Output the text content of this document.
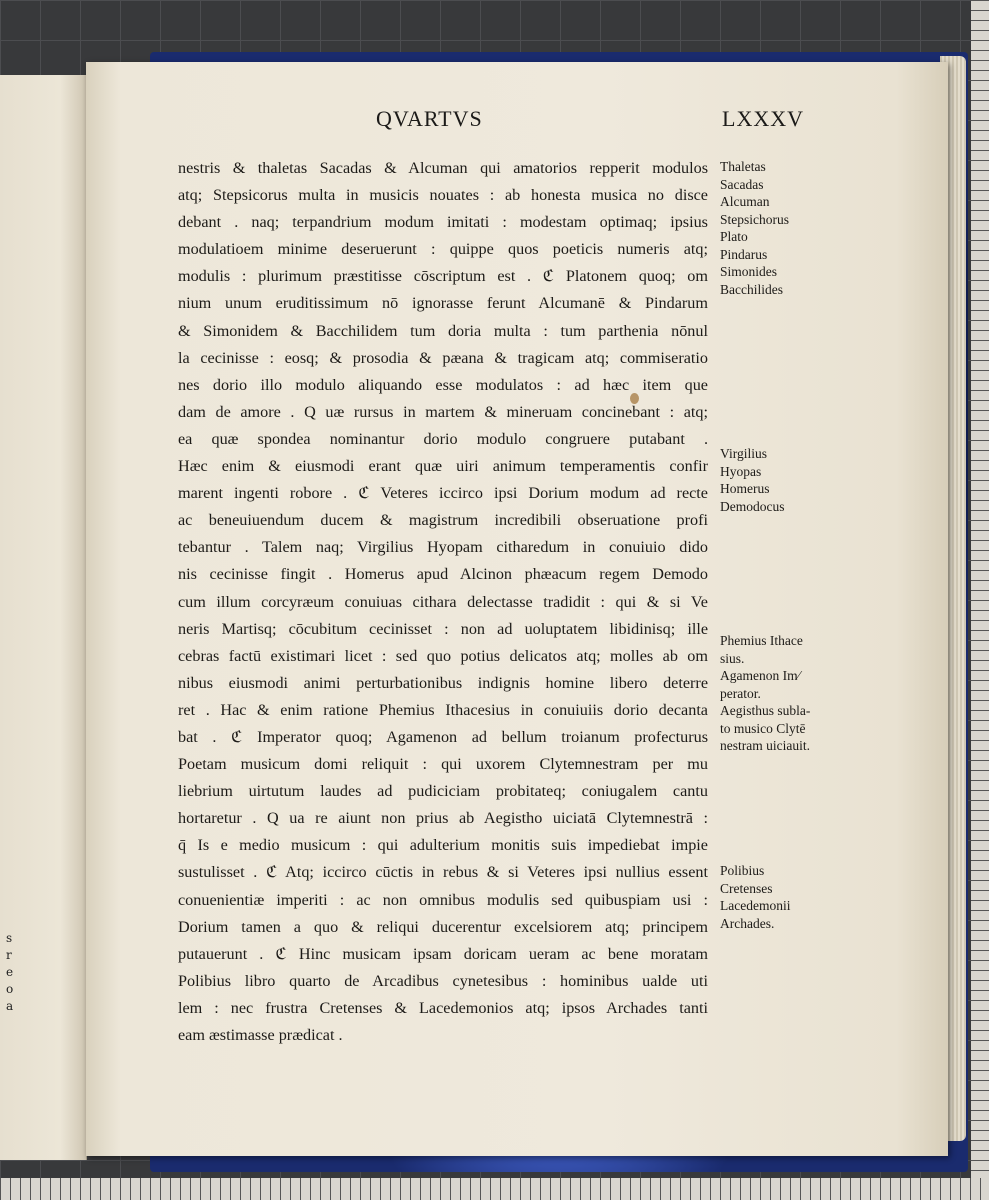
s
r
e
o
a
QVARTVS	LXXXV
nestris & thaletas Sacadas & Alcuman qui amatorios repperit modulos
atq; Stepsicorus multa in musicis nouates : ab honesta musica no disce
debant . naq; terpandrium modum imitati : modestam optimaq; ipsius
modulatioem minime deseruerunt : quippe quos poeticis numeris atq;
modulis : plurimum præstitisse cōscriptum est . ℭ Platonem quoq; om
nium unum eruditissimum nō ignorasse ferunt Alcumanē & Pindarum
& Simonidem & Bacchilidem tum doria multa : tum parthenia nōnul
la cecinisse : eosq; & prosodia & pæana & tragicam atq; commiseratio
nes dorio illo modulo aliquando esse modulatos : ad hæc item que
dam de amore . Q uæ rursus in martem & mineruam concinebant : atq;
ea quæ spondea nominantur dorio modulo congruere putabant .
Hæc enim & eiusmodi erant quæ uiri animum temperamentis confir
marent ingenti robore . ℭ Veteres iccirco ipsi Dorium modum ad recte
ac beneuiuendum ducem & magistrum incredibili obseruatione profi
tebantur . Talem naq; Virgilius Hyopam citharedum in conuiuio dido
nis cecinisse fingit . Homerus apud Alcinon phæacum regem Demodo
cum illum corcyræum conuiuas cithara delectasse tradidit : qui & si Ve
neris Martisq; cōcubitum cecinisset : non ad uoluptatem libidinisq; ille
cebras factū existimari licet : sed quo potius delicatos atq; molles ab om
nibus eiusmodi animi perturbationibus indignis homine libero deterre
ret . Hac & enim ratione Phemius Ithacesius in conuiuiis dorio decanta
bat . ℭ Imperator quoq; Agamenon ad bellum troianum profecturus
Poetam musicum domi reliquit : qui uxorem Clytemnestram per mu
liebrium uirtutum laudes ad pudiciciam probitateq; coniugalem cantu
hortaretur . Q ua re aiunt non prius ab Aegistho uiciatā Clytemnestrā :
q̄ Is e medio musicum : qui adulterium monitis suis impediebat impie
sustulisset . ℭ Atq; iccirco cūctis in rebus & si Veteres ipsi nullius essent
conuenientiæ imperiti : ac non omnibus modulis sed quibuspiam usi :
Dorium tamen a quo & reliqui ducerentur excelsiorem atq; principem
putauerunt . ℭ Hinc musicam ipsam doricam ueram ac bene moratam
Polibius libro quarto de Arcadibus cynetesibus : hominibus ualde uti
lem : nec frustra Cretenses & Lacedemonios atq; ipsos Archades tanti
eam æstimasse prædicat .
Thaletas
Sacadas
Alcuman
Stepsichorus
Plato
Pindarus
Simonides
Bacchilides
Virgilius
Hyopas
Homerus
Demodocus
Phemius Ithace
sius.
Agamenon Im⁄
perator.
Aegisthus subla-
to musico Clytē
nestram uiciauit.
Polibius
Cretenses
Lacedemonii
Archades.
